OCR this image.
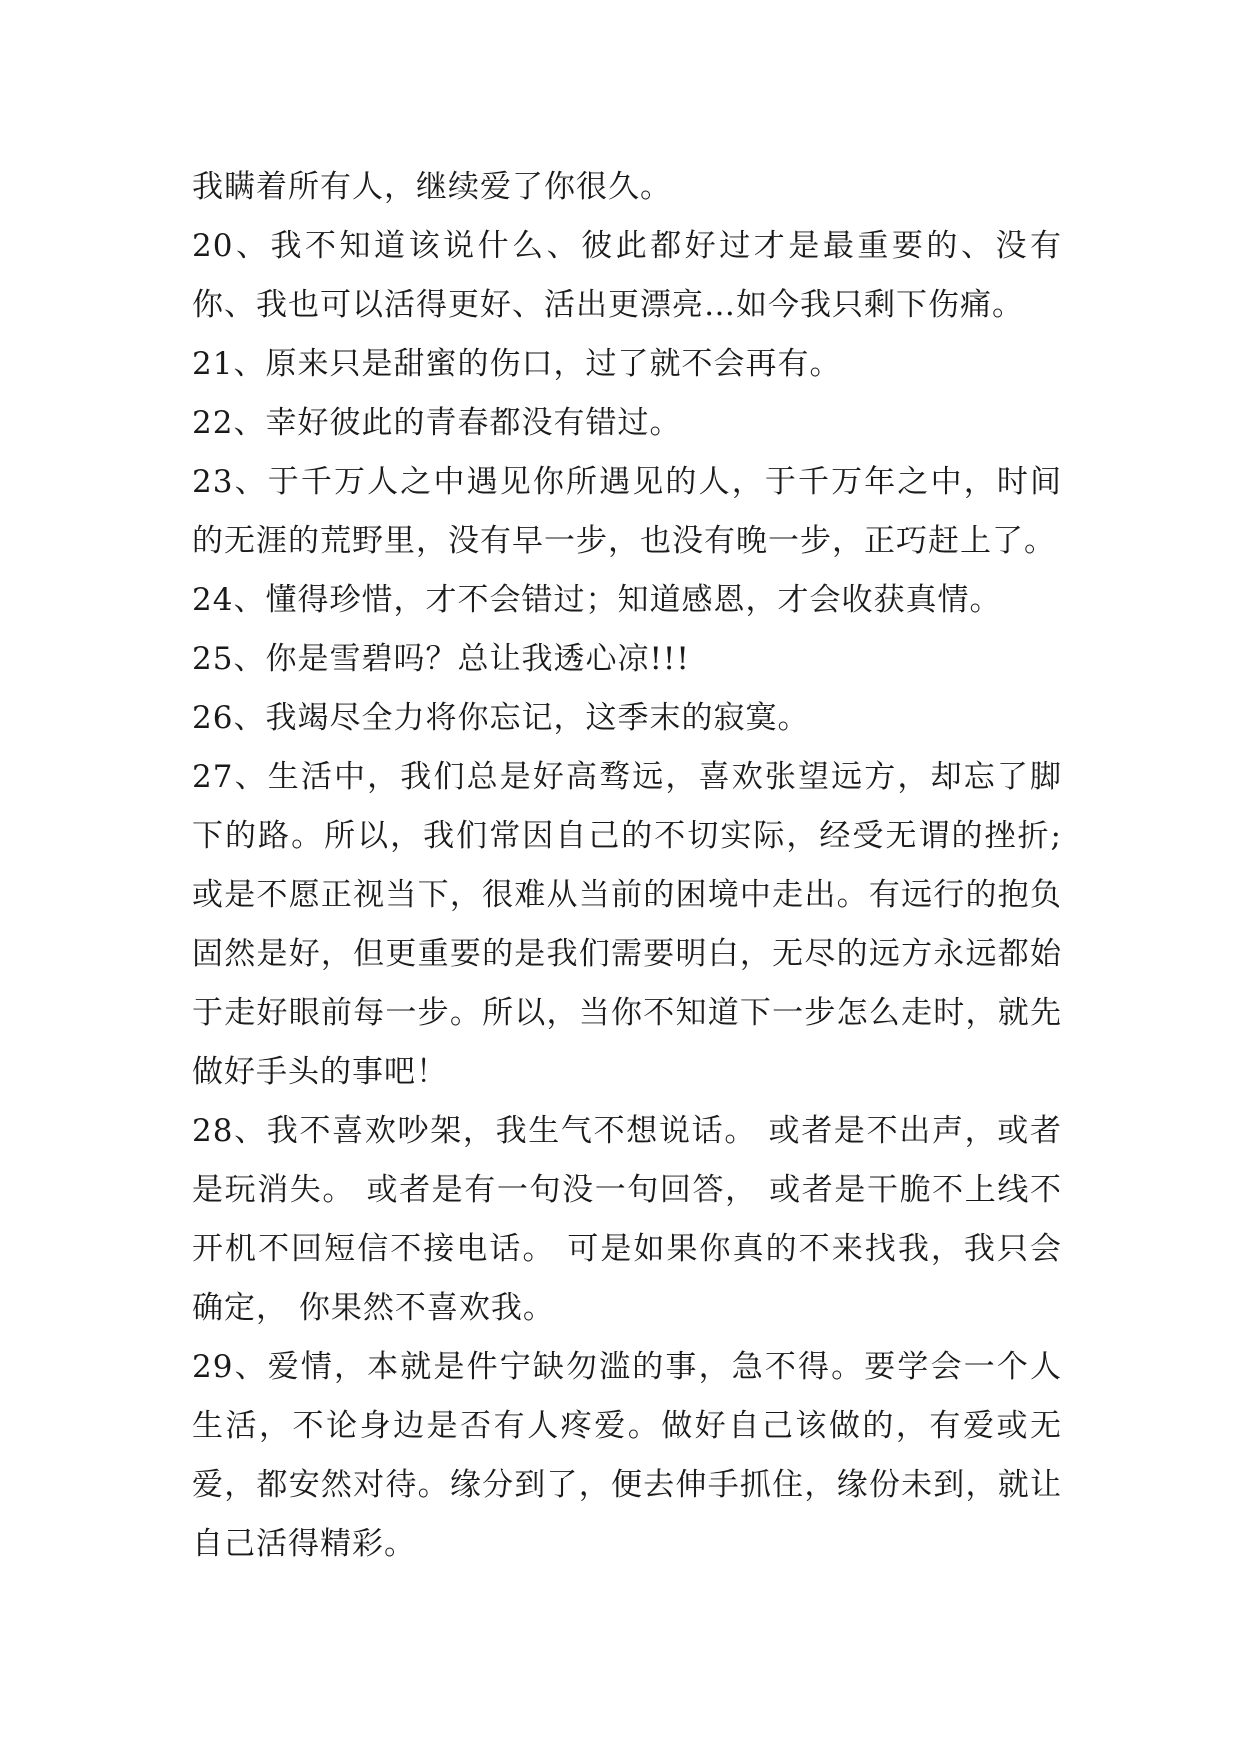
我瞒着所有人，继续爱了你很久。

20、我不知道该说什么、彼此都好过才是最重要的、没有你、我也可以活得更好、活出更漂亮…如今我只剩下伤痛。

21、原来只是甜蜜的伤口，过了就不会再有。

22、幸好彼此的青春都没有错过。

23、于千万人之中遇见你所遇见的人，于千万年之中，时间的无涯的荒野里，没有早一步，也没有晚一步，正巧赶上了。

24、懂得珍惜，才不会错过；知道感恩，才会收获真情。

25、你是雪碧吗？总让我透心凉!!!

26、我竭尽全力将你忘记，这季末的寂寞。

27、生活中，我们总是好高骛远，喜欢张望远方，却忘了脚下的路。所以，我们常因自己的不切实际，经受无谓的挫折;或是不愿正视当下，很难从当前的困境中走出。有远行的抱负固然是好，但更重要的是我们需要明白，无尽的远方永远都始于走好眼前每一步。所以，当你不知道下一步怎么走时，就先做好手头的事吧！

28、我不喜欢吵架，我生气不想说话。 或者是不出声，或者是玩消失。 或者是有一句没一句回答， 或者是干脆不上线不开机不回短信不接电话。 可是如果你真的不来找我，我只会确定， 你果然不喜欢我。

29、爱情，本就是件宁缺勿滥的事，急不得。要学会一个人生活，不论身边是否有人疼爱。做好自己该做的，有爱或无爱，都安然对待。缘分到了，便去伸手抓住，缘份未到，就让自己活得精彩。
